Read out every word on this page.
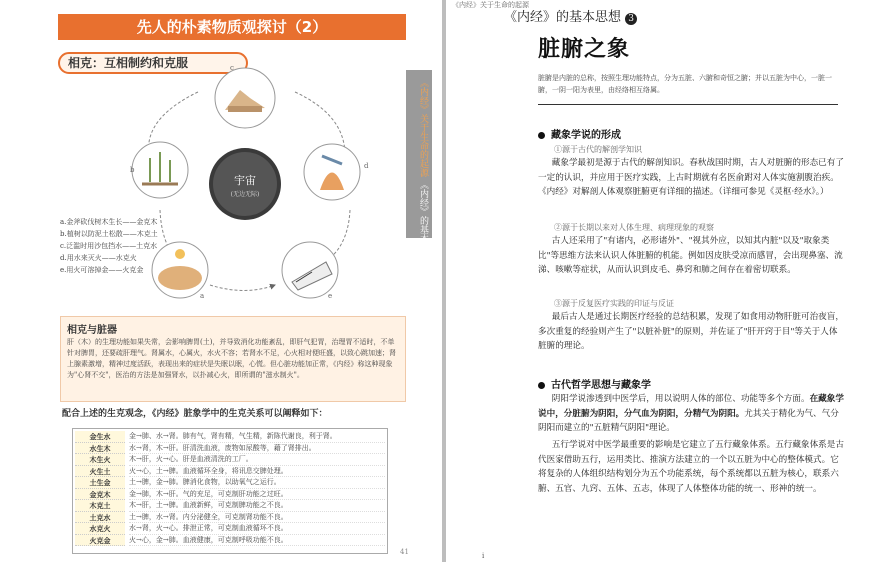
先人的朴素物质观探讨（2）
相克：互相制约和克服
《内经》关于生命的起源 《内经》的基本思想 (2)
宇宙
(无边无际)
c
b	d
a	e
a.金斧砍伐树木生长——金克木
b.植树以防泥土松散——木克土
c.泛滥时用沙包挡水——土克水
d.用水来灭火——水克火
e.用火可溶掉金——火克金
相克与脏器
肝（木）的生理功能如果失常，会影响脾胃(土)，并导致消化功能紊乱，即肝气犯胃，治理胃不适时，不单针对脾胃，还要疏肝理气。肾属水，心属火，水火不容；若肾水不足，心火相对便旺盛，以致心跳加速；肾上腺素激增，精神过度活跃，表现出来的症状是失眠以眠，心慌。但心脏功能加正常，《内经》称这种现象为"心肾不交"，医治的方法是加强肾水，以扑减心火，即所谓的"滋水制火"。
配合上述的生克观念，《内经》脏象学中的生克关系可以阐释如下：
金生水
水生木
木生火
火生土
土生金
金克木
木克土
土克水
水克火
火克金
金→肺、水→肾。肺有气，肾有精，气生精，新陈代谢良，利于肾。
水→肾，木→肝。肝清洗血液，废物如尿酸等，藉了肾排出。
木→肝，火→心。肝是血液清洗的工厂。
火→心，土→脾。血液循环全身，将讯息交脾处理。
土→脾，金→肺。脾消化食物，以助氧气之运行。
金→肺，木→肝。气的充足，可克制肝功能之过旺。
木→肝，土→脾。血液新鲜，可克制脾功能之不良。
土→脾，水→肾。内分泌健全，可克制肾功能不良。
水→肾，火→心。排泄正常，可克制血液循环不良。
火→心，金→肺。血液健康，可克制呼吸功能不良。
41
《内经》关于生命的起源
《内经》的基本思想 3
脏腑之象
脏腑是内脏的总称，按照生理功能特点，分为五脏、六腑和奇恒之腑；并以五脏为中心，一脏一腑，一阴一阳为表里，由经络相互络属。
藏象学说的形成
①源于古代的解剖学知识
藏象学最初是源于古代的解剖知识。春秋战国时期，古人对脏腑的形态已有了一定的认识，并应用于医疗实践，上古时期就有名医俞跗对人体实施割腹治疾。《内经》对解剖人体观察脏腑更有详细的描述。（详细可参见《灵枢·经水》。）
②源于长期以来对人体生理、病理现象的观察
古人还采用了"有诸内，必形诸外"、"视其外应，以知其内脏"以及"取象类比"等思维方法来认识人体脏腑的机能。例如因皮肤受凉而感冒，会出现鼻塞、流涕、咳嗽等症状，从而认识到皮毛、鼻窍和肺之间存在着密切联系。
③源于反复医疗实践的印证与反证
最后古人是通过长期医疗经验的总结积累，发现了如食用动物肝脏可治夜盲，多次重复的经验则产生了"以脏补脏"的原则，并佐证了"肝开窍于目"等关于人体脏腑的理论。
古代哲学思想与藏象学
阴阳学说渗透到中医学后，用以说明人体的部位、功能等多个方面。在藏象学说中，分脏腑为阴阳，分气血为阴阳，分精气为阴阳。尤其关于精化为气、气分阴阳而建立的"五脏精气阴阳"理论。
五行学说对中医学最重要的影响是它建立了五行藏象体系。五行藏象体系是古代医家借助五行，运用类比、推演方法建立的一个以五脏为中心的整体模式。它将复杂的人体组织结构划分为五个功能系统，每个系统都以五脏为核心，联系六腑、五官、九窍、五体、五志，体现了人体整体功能的统一、形神的统一。
i
